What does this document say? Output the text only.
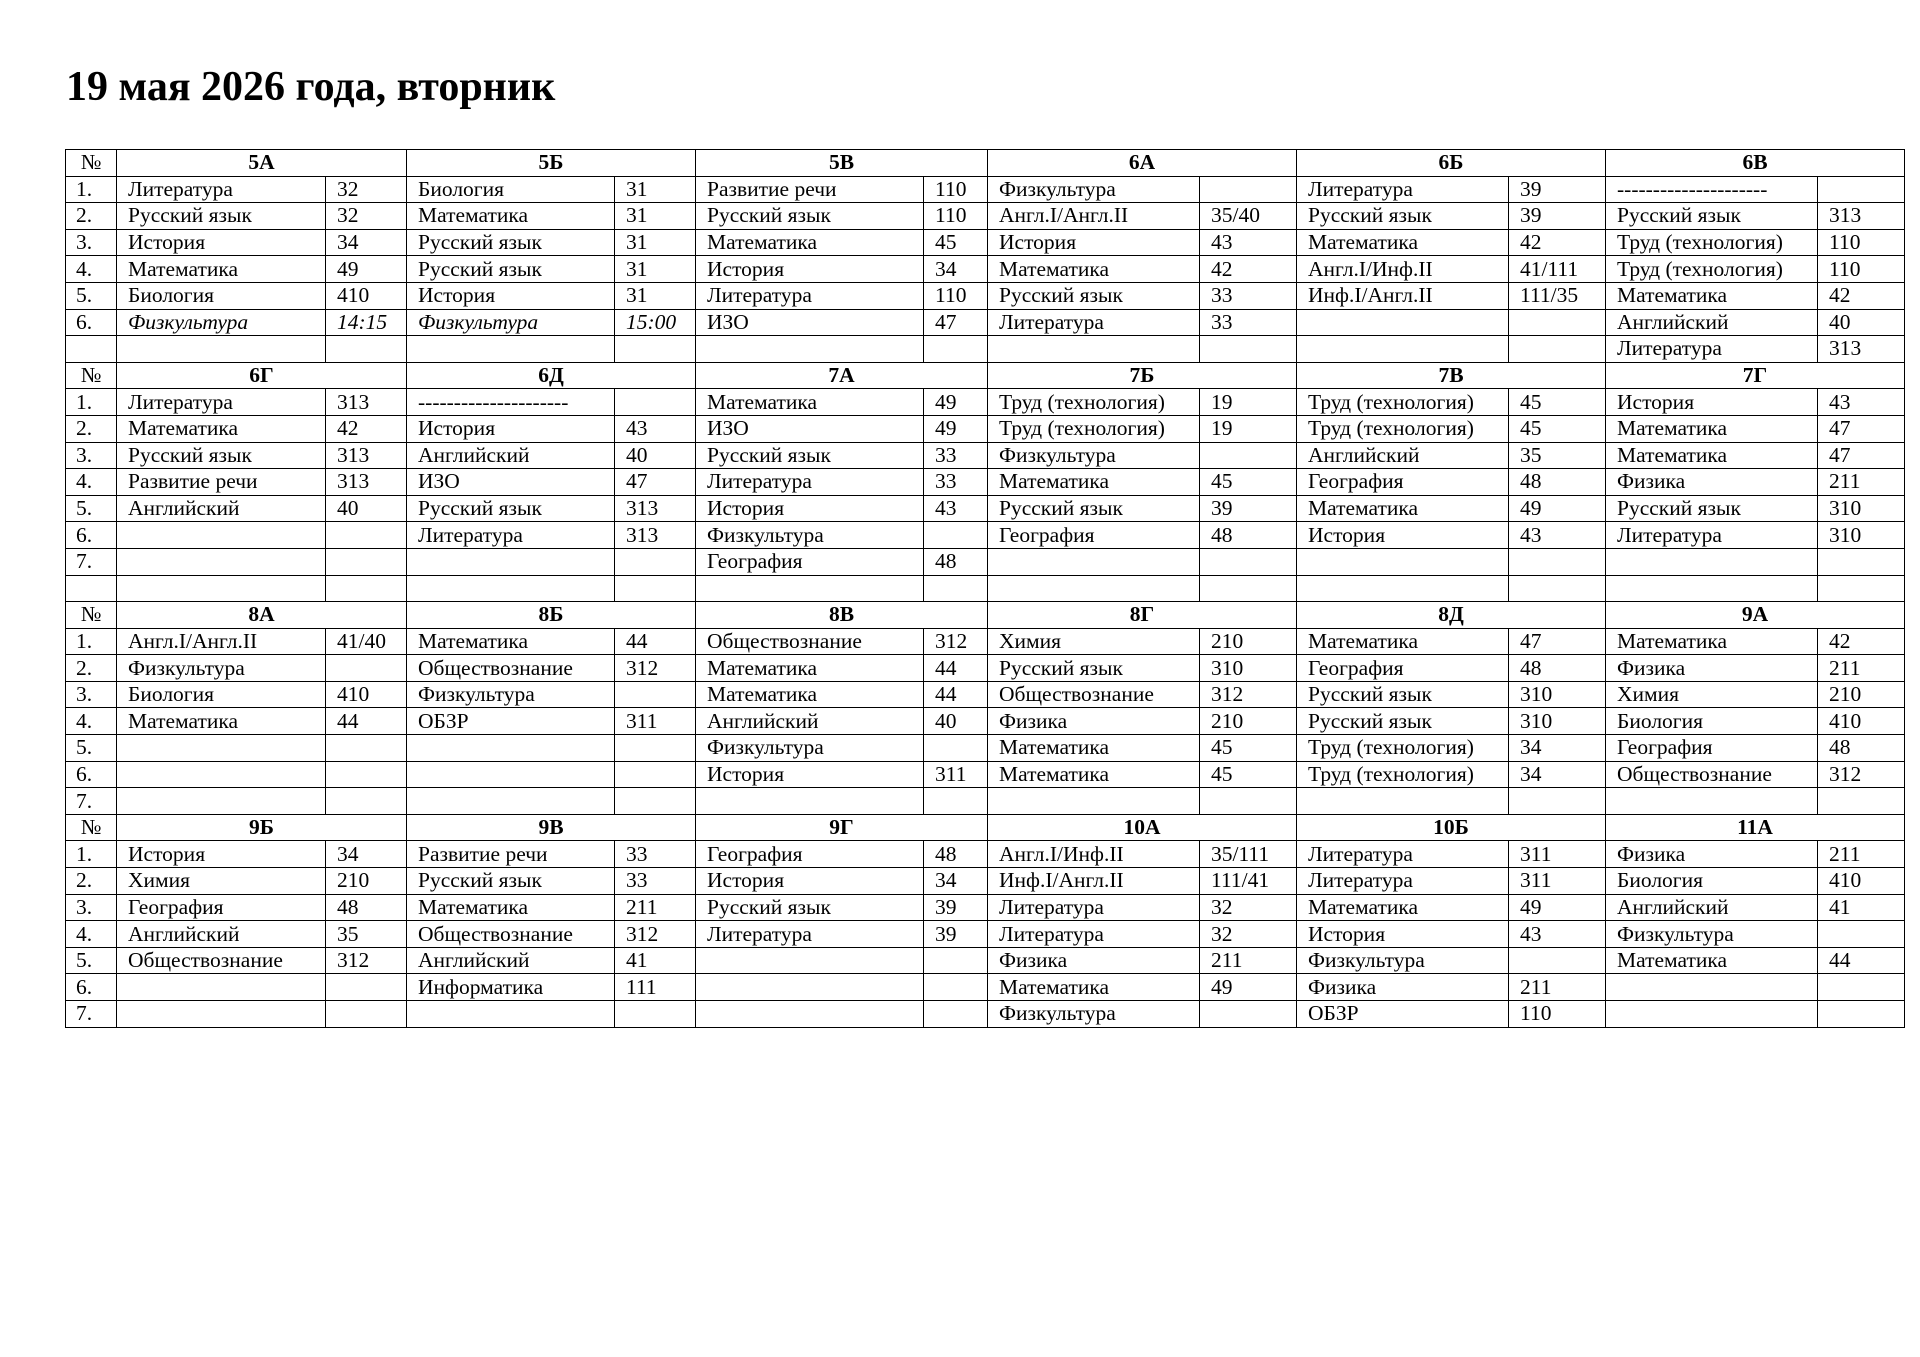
19 мая 2026 года, вторник
№	5А		5Б		5В		6А		6Б		6В	
1.	Литература	32	Биология	31	Развитие речи	110	Физкультура		Литература	39	---------------------	
2.	Русский язык	32	Математика	31	Русский язык	110	Англ.I/Англ.II	35/40	Русский язык	39	Русский язык	313
3.	История	34	Русский язык	31	Математика	45	История	43	Математика	42	Труд (технология)	110
4.	Математика	49	Русский язык	31	История	34	Математика	42	Англ.I/Инф.II	41/111	Труд (технология)	110
5.	Биология	410	История	31	Литература	110	Русский язык	33	Инф.I/Англ.II	111/35	Математика	42
6.	Физкультура	14:15	Физкультура	15:00	ИЗО	47	Литература	33			Английский	40
											Литература	313
№	6Г		6Д		7А		7Б		7В		7Г	
1.	Литература	313	---------------------		Математика	49	Труд (технология)	19	Труд (технология)	45	История	43
2.	Математика	42	История	43	ИЗО	49	Труд (технология)	19	Труд (технология)	45	Математика	47
3.	Русский язык	313	Английский	40	Русский язык	33	Физкультура		Английский	35	Математика	47
4.	Развитие речи	313	ИЗО	47	Литература	33	Математика	45	География	48	Физика	211
5.	Английский	40	Русский язык	313	История	43	Русский язык	39	Математика	49	Русский язык	310
6.			Литература	313	Физкультура		География	48	История	43	Литература	310
7.					География	48						

№	8А		8Б		8В		8Г		8Д		9А	
1.	Англ.I/Англ.II	41/40	Математика	44	Обществознание	312	Химия	210	Математика	47	Математика	42
2.	Физкультура		Обществознание	312	Математика	44	Русский язык	310	География	48	Физика	211
3.	Биология	410	Физкультура		Математика	44	Обществознание	312	Русский язык	310	Химия	210
4.	Математика	44	ОБЗР	311	Английский	40	Физика	210	Русский язык	310	Биология	410
5.					Физкультура		Математика	45	Труд (технология)	34	География	48
6.					История	311	Математика	45	Труд (технология)	34	Обществознание	312
7.												
№	9Б		9В		9Г		10А		10Б		11А	
1.	История	34	Развитие речи	33	География	48	Англ.I/Инф.II	35/111	Литература	311	Физика	211
2.	Химия	210	Русский язык	33	История	34	Инф.I/Англ.II	111/41	Литература	311	Биология	410
3.	География	48	Математика	211	Русский язык	39	Литература	32	Математика	49	Английский	41
4.	Английский	35	Обществознание	312	Литература	39	Литература	32	История	43	Физкультура	
5.	Обществознание	312	Английский	41			Физика	211	Физкультура		Математика	44
6.			Информатика	111			Математика	49	Физика	211		
7.							Физкультура		ОБЗР	110		
